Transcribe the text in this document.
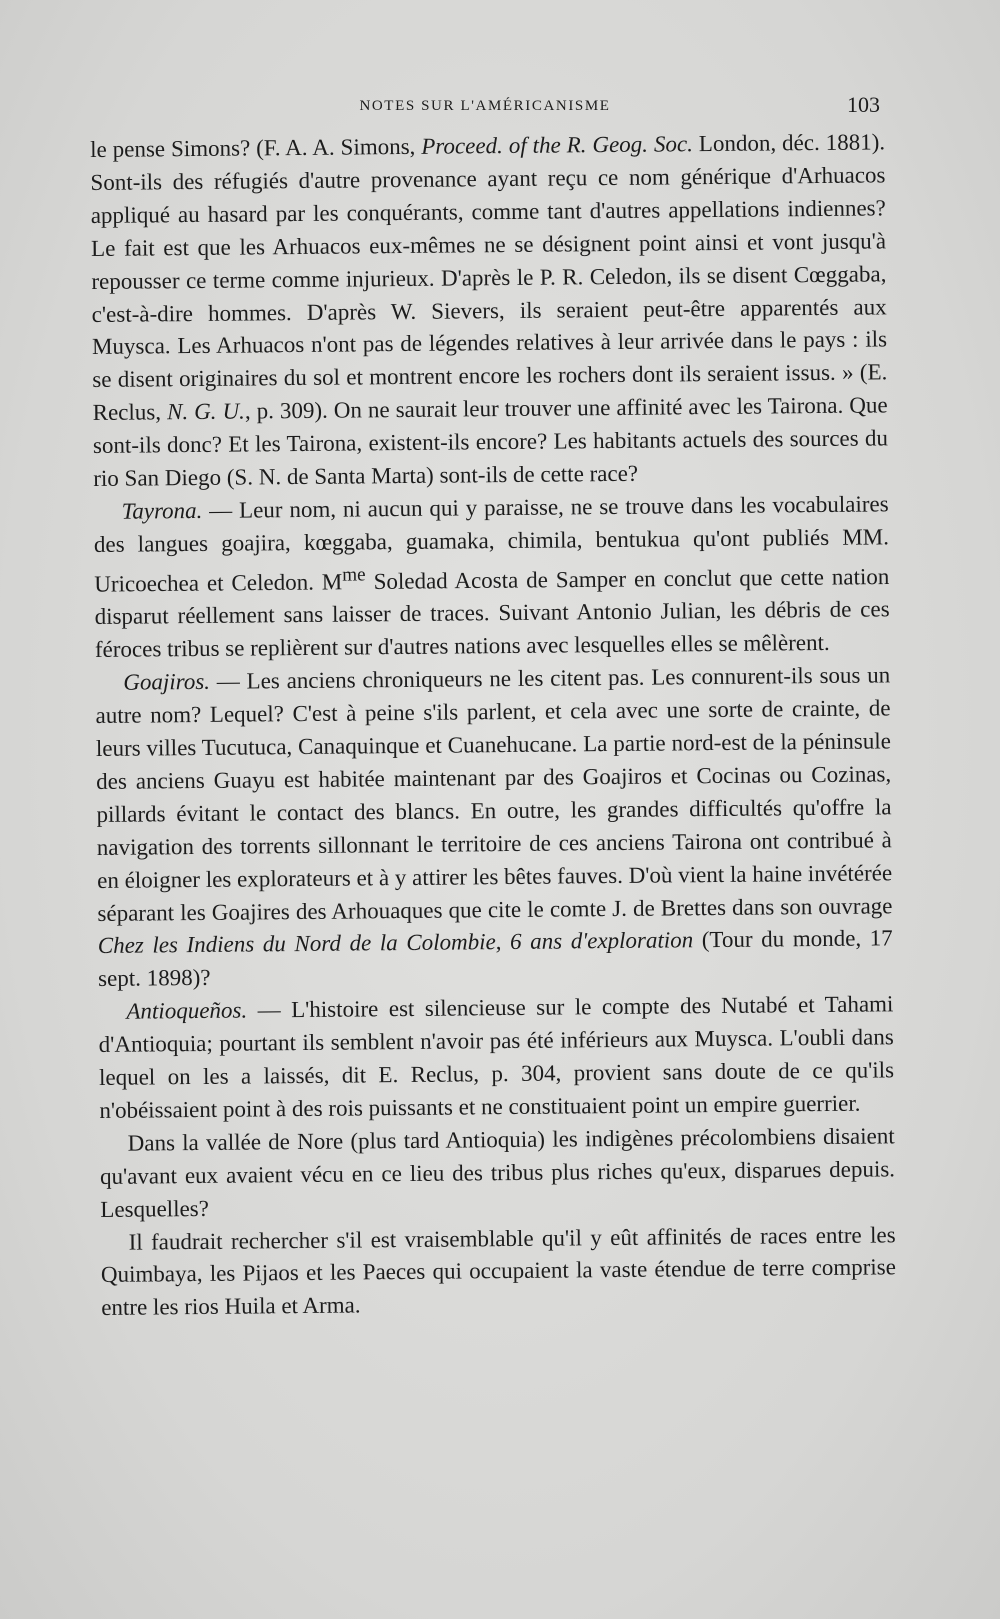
NOTES SUR L'AMÉRICANISME	103

le pense Simons? (F. A. A. Simons, Proceed. of the R. Geog. Soc. London, déc. 1881). Sont-ils des réfugiés d'autre provenance ayant reçu ce nom générique d'Arhuacos appliqué au hasard par les conquérants, comme tant d'autres appellations indiennes? Le fait est que les Arhuacos eux-mêmes ne se désignent point ainsi et vont jusqu'à repousser ce terme comme injurieux. D'après le P. R. Celedon, ils se disent Cœggaba, c'est-à-dire hommes. D'après W. Sievers, ils seraient peut-être apparentés aux Muysca. Les Arhuacos n'ont pas de légendes relatives à leur arrivée dans le pays : ils se disent originaires du sol et montrent encore les rochers dont ils seraient issus. » (E. Reclus, N. G. U., p. 309). On ne saurait leur trouver une affinité avec les Tairona. Que sont-ils donc? Et les Tairona, existent-ils encore? Les habitants actuels des sources du rio San Diego (S. N. de Santa Marta) sont-ils de cette race?

Tayrona. — Leur nom, ni aucun qui y paraisse, ne se trouve dans les vocabulaires des langues goajira, kœggaba, guamaka, chimila, bentukua qu'ont publiés MM. Uricoechea et Celedon. $M^{me}$ Soledad Acosta de Samper en conclut que cette nation disparut réellement sans laisser de traces. Suivant Antonio Julian, les débris de ces féroces tribus se replièrent sur d'autres nations avec lesquelles elles se mêlèrent.

Goajiros. — Les anciens chroniqueurs ne les citent pas. Les connurent-ils sous un autre nom? Lequel? C'est à peine s'ils parlent, et cela avec une sorte de crainte, de leurs villes Tucutuca, Canaquinque et Cuanehucane. La partie nord-est de la péninsule des anciens Guayu est habitée maintenant par des Goajiros et Cocinas ou Cozinas, pillards évitant le contact des blancs. En outre, les grandes difficultés qu'offre la navigation des torrents sillonnant le territoire de ces anciens Tairona ont contribué à en éloigner les explorateurs et à y attirer les bêtes fauves. D'où vient la haine invétérée séparant les Goajires des Arhouaques que cite le comte J. de Brettes dans son ouvrage Chez les Indiens du Nord de la Colombie, 6 ans d'exploration (Tour du monde, 17 sept. 1898)?

Antioqueños. — L'histoire est silencieuse sur le compte des Nutabé et Tahami d'Antioquia; pourtant ils semblent n'avoir pas été inférieurs aux Muysca. L'oubli dans lequel on les a laissés, dit E. Reclus, p. 304, provient sans doute de ce qu'ils n'obéissaient point à des rois puissants et ne constituaient point un empire guerrier.

Dans la vallée de Nore (plus tard Antioquia) les indigènes précolombiens disaient qu'avant eux avaient vécu en ce lieu des tribus plus riches qu'eux, disparues depuis. Lesquelles?

Il faudrait rechercher s'il est vraisemblable qu'il y eût affinités de races entre les Quimbaya, les Pijaos et les Paeces qui occupaient la vaste étendue de terre comprise entre les rios Huila et Arma.
